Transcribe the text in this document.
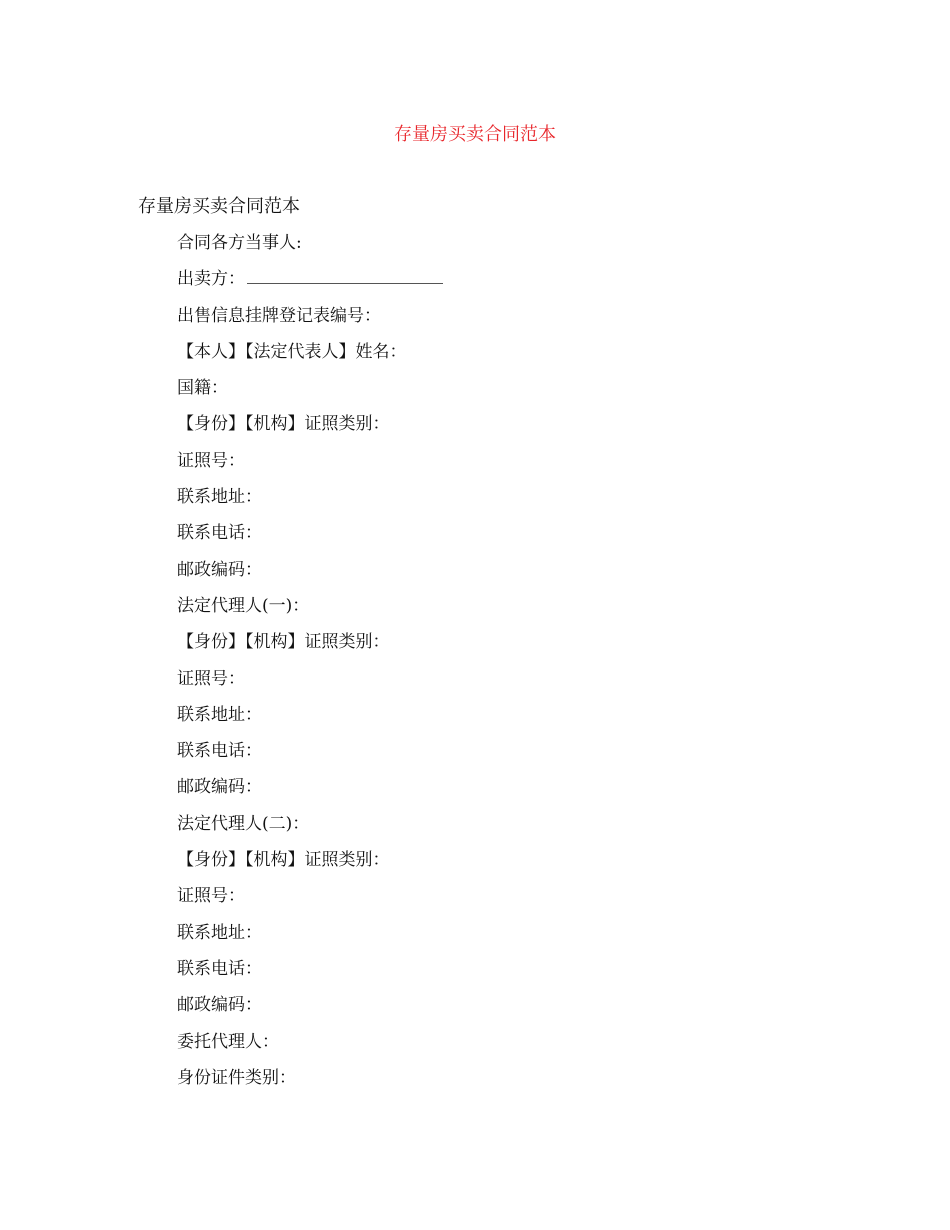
存量房买卖合同范本
存量房买卖合同范本
合同各方当事人:
出卖方：
出售信息挂牌登记表编号：
【本人】【法定代表人】姓名：
国籍：
【身份】【机构】证照类别：
证照号：
联系地址：
联系电话：
邮政编码：
法定代理人(一)：
【身份】【机构】证照类别：
证照号：
联系地址：
联系电话：
邮政编码：
法定代理人(二)：
【身份】【机构】证照类别：
证照号：
联系地址：
联系电话：
邮政编码：
委托代理人：
身份证件类别：
